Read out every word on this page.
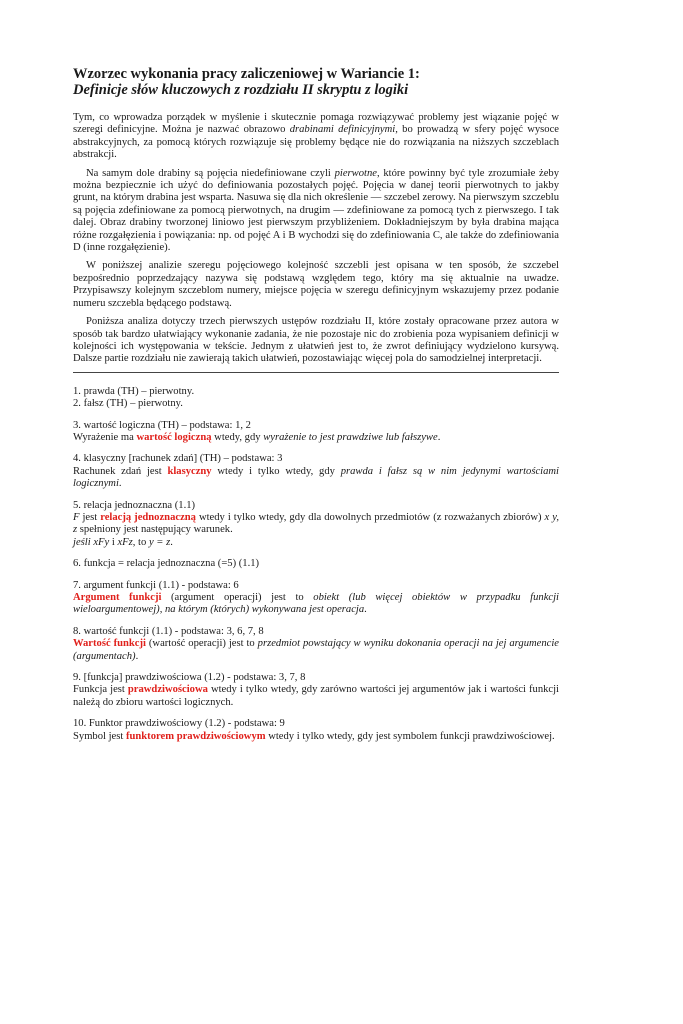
Wzorzec wykonania pracy zaliczeniowej w Wariancie 1:
Definicje słów kluczowych z rozdziału II skryptu z logiki

Tym, co wprowadza porządek w myślenie i skutecznie pomaga rozwiązywać problemy jest wiązanie pojęć w szeregi definicyjne. Można je nazwać obrazowo drabinami definicyjnymi, bo prowadzą w sfery pojęć wysoce abstrakcyjnych, za pomocą których rozwiązuje się problemy będące nie do rozwiązania na niższych szczeblach abstrakcji.

Na samym dole drabiny są pojęcia niedefiniowane czyli pierwotne, które powinny być tyle zrozumiałe żeby można bezpiecznie ich użyć do definiowania pozostałych pojęć. Pojęcia w danej teorii pierwotnych to jakby grunt, na którym drabina jest wsparta. Nasuwa się dla nich określenie — szczebel zerowy. Na pierwszym szczeblu są pojęcia zdefiniowane za pomocą pierwotnych, na drugim — zdefiniowane za pomocą tych z pierwszego. I tak dalej. Obraz drabiny tworzonej liniowo jest pierwszym przybliżeniem. Dokładniejszym by była drabina mająca różne rozgałęzienia i powiązania: np. od pojęć A i B wychodzi się do zdefiniowania C, ale także do zdefiniowania D (inne rozgałęzienie).

W poniższej analizie szeregu pojęciowego kolejność szczebli jest opisana w ten sposób, że szczebel bezpośrednio poprzedzający nazywa się podstawą względem tego, który ma się aktualnie na uwadze. Przypisawszy kolejnym szczeblom numery, miejsce pojęcia w szeregu definicyjnym wskazujemy przez podanie numeru szczebla będącego podstawą.

Poniższa analiza dotyczy trzech pierwszych ustępów rozdziału II, które zostały opracowane przez autora w sposób tak bardzo ułatwiający wykonanie zadania, że nie pozostaje nic do zrobienia poza wypisaniem definicji w kolejności ich występowania w tekście. Jednym z ułatwień jest to, że zwrot definiujący wydzielono kursywą. Dalsze partie rozdziału nie zawierają takich ułatwień, pozostawiając więcej pola do samodzielnej interpretacji.

1. prawda (TH) – pierwotny.

2. fałsz (TH) – pierwotny.

3. wartość logiczna (TH) – podstawa: 1, 2

Wyrażenie ma wartość logiczną wtedy, gdy wyrażenie to jest prawdziwe lub fałszywe.

4. klasyczny [rachunek zdań] (TH) – podstawa: 3

Rachunek zdań jest klasyczny wtedy i tylko wtedy, gdy prawda i fałsz są w nim jedynymi wartościami logicznymi.

5. relacja jednoznaczna (1.1)

F jest relacją jednoznaczną wtedy i tylko wtedy, gdy dla dowolnych przedmiotów (z rozważanych zbiorów) x y, z spełniony jest następujący warunek.

jeśli xFy i xFz, to y = z.

6. funkcja = relacja jednoznaczna (=5) (1.1)

7. argument funkcji (1.1) - podstawa: 6

Argument funkcji (argument operacji) jest to obiekt (lub więcej obiektów w przypadku funkcji wieloargumentowej), na którym (których) wykonywana jest operacja.

8. wartość funkcji (1.1) - podstawa: 3, 6, 7, 8

Wartość funkcji (wartość operacji) jest to przedmiot powstający w wyniku dokonania operacji na jej argumencie (argumentach).

9. [funkcja] prawdziwościowa (1.2) - podstawa: 3, 7, 8

Funkcja jest prawdziwościowa wtedy i tylko wtedy, gdy zarówno wartości jej argumentów jak i wartości funkcji należą do zbioru wartości logicznych.

10. Funktor prawdziwościowy (1.2) - podstawa: 9

Symbol jest funktorem prawdziwościowym wtedy i tylko wtedy, gdy jest symbolem funkcji prawdziwościowej.
